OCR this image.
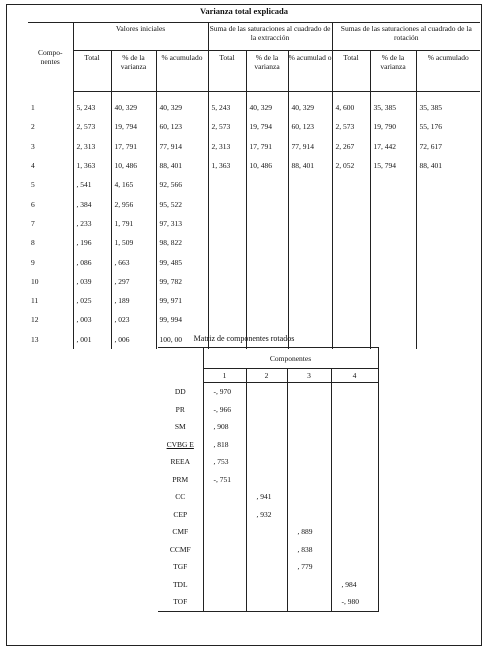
Varianza total explicada
Compo-
nentes	Valores iniciales			Suma de las saturaciones al cuadrado de la extracción			Sumas de las saturaciones al cuadrado de la rotación		
	Total	% de la varianza	% acumulado	Total	% de la varianza	% acumulad o	Total	% de la varianza	% acumulado
1	5, 243	40, 329	40, 329	5, 243	40, 329	40, 329	4, 600	35, 385	35, 385
2	2, 573	19, 794	60, 123	2, 573	19, 794	60, 123	2, 573	19, 790	55, 176
3	2, 313	17, 791	77, 914	2, 313	17, 791	77, 914	2, 267	17, 442	72, 617
4	1, 363	10, 486	88, 401	1, 363	10, 486	88, 401	2, 052	15, 794	88, 401
5	, 541	4, 165	92, 566						
6	, 384	2, 956	95, 522						
7	, 233	1, 791	97, 313						
8	, 196	1, 509	98, 822						
9	, 086	, 663	99, 485						
10	, 039	, 297	99, 782						
11	, 025	, 189	99, 971						
12	, 003	, 023	99, 994						
13	, 001	, 006	100, 00							Matriz de componentes rotados
	Componentes			
	1	2	3	4
DD	-, 970			
PR	-, 966			
SM	, 908			
CVBG E	, 818			
REEA	, 753			
PRM	-, 751			
CC		, 941		
CEP		, 932		
CMF			, 889	
CCMF			, 838	
TGF			, 779	
TDL				, 984
TOF				-, 980
